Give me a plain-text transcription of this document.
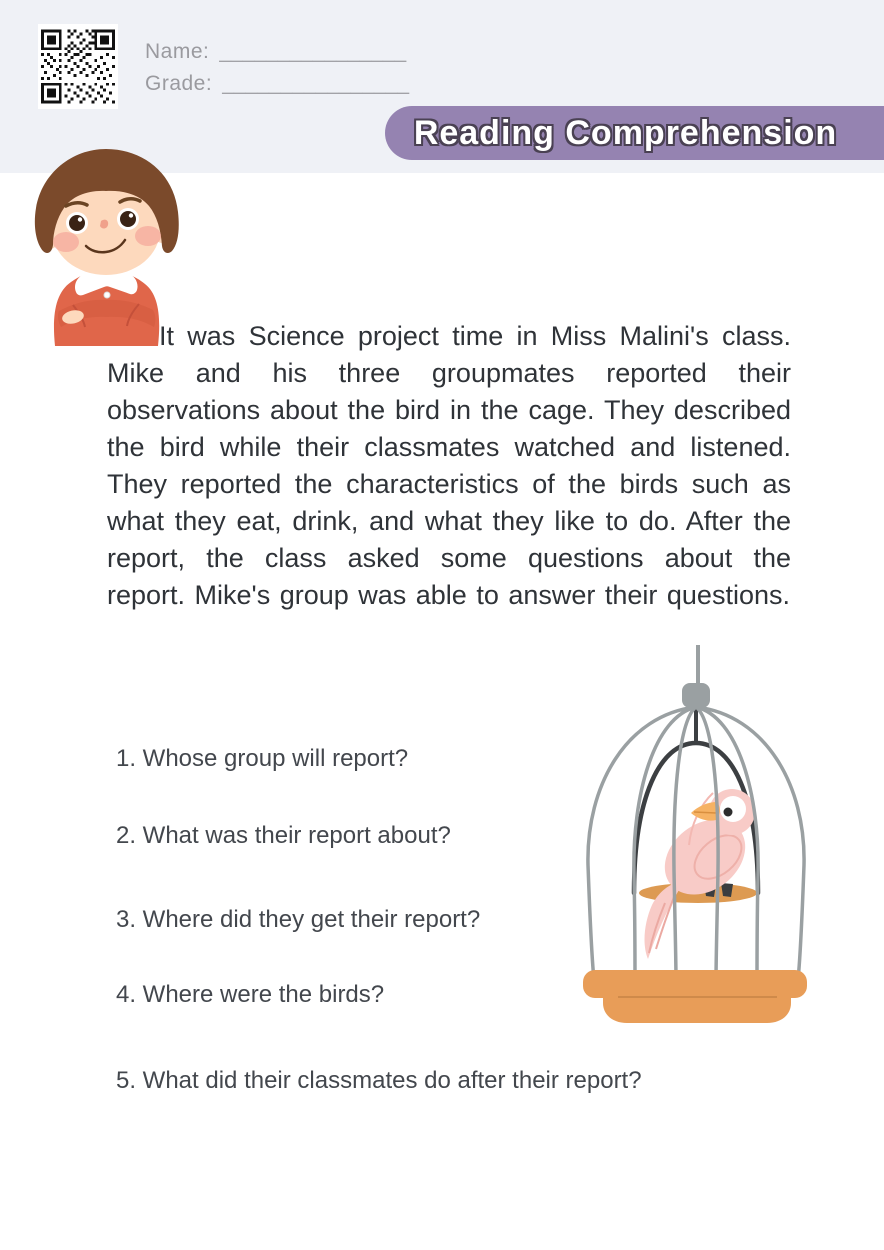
Name: ________________
Grade: ________________
Reading Comprehension

It was Science project time in Miss Malini's class. Mike and his three groupmates reported their observations about the bird in the cage. They described the bird while their classmates watched and listened. They reported the characteristics of the birds such as what they eat, drink, and what they like to do. After the report, the class asked some questions about the report. Mike's group was able to answer their questions.

1. Whose group will report?
2. What was their report about?
3. Where did they get their report?
4. Where were the birds?
5. What did their classmates do after their report?
